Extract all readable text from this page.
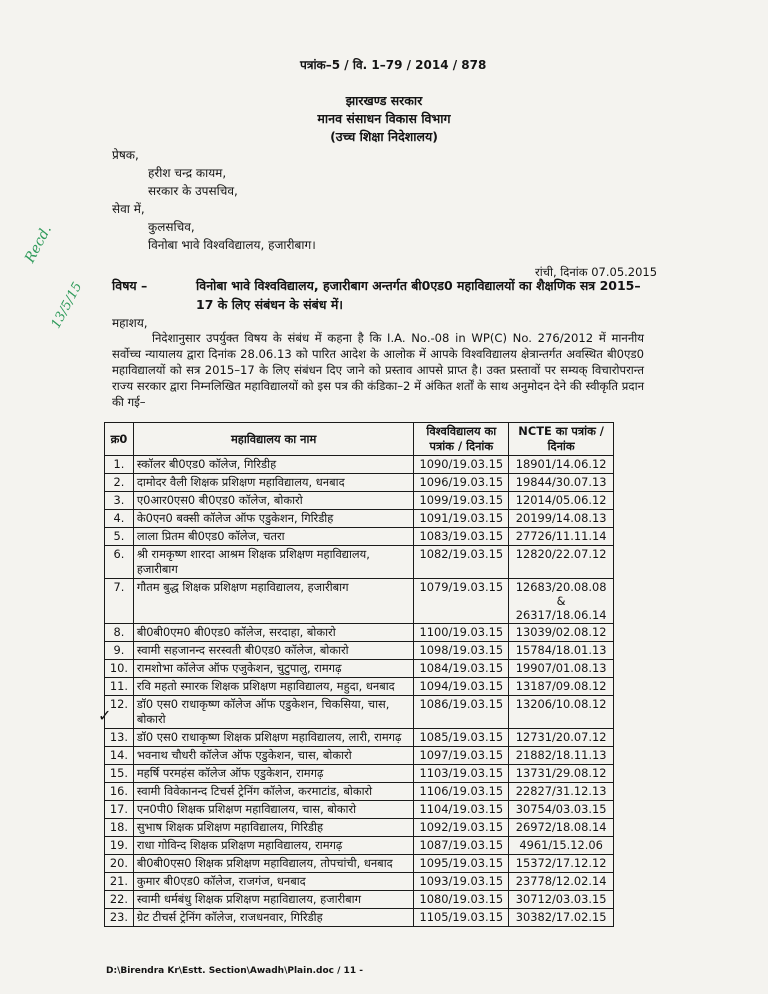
पत्रांक–5 / वि. 1–79 / 2014 / 878
झारखण्ड सरकार
मानव संसाधन विकास विभाग
(उच्च शिक्षा निदेशालय)
प्रेषक,
हरीश चन्द्र कायम,
सरकार के उपसचिव,
सेवा में,
कुलसचिव,
विनोबा भावे विश्वविद्यालय, हजारीबाग।
Recd.
13/5/15
रांची, दिनांक 07.05.2015
विषय –	विनोबा भावे विश्वविद्यालय, हजारीबाग अन्तर्गत बी0एड0 महाविद्यालयों का शैक्षणिक सत्र 2015–17 के लिए संबंधन के संबंध में।
महाशय,
निदेशानुसार उपर्युक्त विषय के संबंध में कहना है कि I.A. No.-08 in WP(C) No. 276/2012 में माननीय सर्वोच्च न्यायालय द्वारा दिनांक 28.06.13 को पारित आदेश के आलोक में आपके विश्वविद्यालय क्षेत्रान्तर्गत अवस्थित बी0एड0 महाविद्यालयों को सत्र 2015–17 के लिए संबंधन दिए जाने को प्रस्ताव आपसे प्राप्त है। उक्त प्रस्तावों पर सम्यक् विचारोपरान्त राज्य सरकार द्वारा निम्नलिखित महाविद्यालयों को इस पत्र की कंडिका–2 में अंकित शर्तों के साथ अनुमोदन देने की स्वीकृति प्रदान की गई–
✓
क्र0	महाविद्यालय का नाम	विश्वविद्यालय का पत्रांक / दिनांक	NCTE का पत्रांक / दिनांक
1.	स्कॉलर बी0एड0 कॉलेज, गिरिडीह	1090/19.03.15	18901/14.06.12
2.	दामोदर वैली शिक्षक प्रशिक्षण महाविद्यालय, धनबाद	1096/19.03.15	19844/30.07.13
3.	ए0आर0एस0 बी0एड0 कॉलेज, बोकारो	1099/19.03.15	12014/05.06.12
4.	के0एन0 बक्सी कॉलेज ऑफ एडुकेशन, गिरिडीह	1091/19.03.15	20199/14.08.13
5.	लाला प्रितम बी0एड0 कॉलेज, चतरा	1083/19.03.15	27726/11.11.14
6.	श्री रामकृष्ण शारदा आश्रम शिक्षक प्रशिक्षण महाविद्यालय, हजारीबाग	1082/19.03.15	12820/22.07.12
7.	गौतम बुद्ध शिक्षक प्रशिक्षण महाविद्यालय, हजारीबाग	1079/19.03.15	12683/20.08.08 & 26317/18.06.14
8.	बी0बी0एम0 बी0एड0 कॉलेज, सरदाहा, बोकारो	1100/19.03.15	13039/02.08.12
9.	स्वामी सहजानन्द सरस्वती बी0एड0 कॉलेज, बोकारो	1098/19.03.15	15784/18.01.13
10.	रामशोभा कॉलेज ऑफ एजुकेशन, चुटुपालु, रामगढ़	1084/19.03.15	19907/01.08.13
11.	रवि महतो स्मारक शिक्षक प्रशिक्षण महाविद्यालय, महुदा, धनबाद	1094/19.03.15	13187/09.08.12
12.	डॉ0 एस0 राधाकृष्ण कॉलेज ऑफ एडुकेशन, चिकसिया, चास, बोकारो	1086/19.03.15	13206/10.08.12
13.	डॉ0 एस0 राधाकृष्ण शिक्षक प्रशिक्षण महाविद्यालय, लारी, रामगढ़	1085/19.03.15	12731/20.07.12
14.	भवनाथ चौधरी कॉलेज ऑफ एडुकेशन, चास, बोकारो	1097/19.03.15	21882/18.11.13
15.	महर्षि परमहंस कॉलेज ऑफ एडुकेशन, रामगढ़	1103/19.03.15	13731/29.08.12
16.	स्वामी विवेकानन्द टिचर्स ट्रेनिंग कॉलेज, करमाटांड, बोकारो	1106/19.03.15	22827/31.12.13
17.	एन0पी0 शिक्षक प्रशिक्षण महाविद्यालय, चास, बोकारो	1104/19.03.15	30754/03.03.15
18.	सुभाष शिक्षक प्रशिक्षण महाविद्यालय, गिरिडीह	1092/19.03.15	26972/18.08.14
19.	राधा गोविन्द शिक्षक प्रशिक्षण महाविद्यालय, रामगढ़	1087/19.03.15	4961/15.12.06
20.	बी0बी0एस0 शिक्षक प्रशिक्षण महाविद्यालय, तोपचांची, धनबाद	1095/19.03.15	15372/17.12.12
21.	कुमार बी0एड0 कॉलेज, राजगंज, धनबाद	1093/19.03.15	23778/12.02.14
22.	स्वामी धर्मबंधु शिक्षक प्रशिक्षण महाविद्यालय, हजारीबाग	1080/19.03.15	30712/03.03.15
23.	ग्रेट टीचर्स ट्रेनिंग कॉलेज, राजधनवार, गिरिडीह	1105/19.03.15	30382/17.02.15
D:\Birendra Kr\Estt. Section\Awadh\Plain.doc / 11 -
